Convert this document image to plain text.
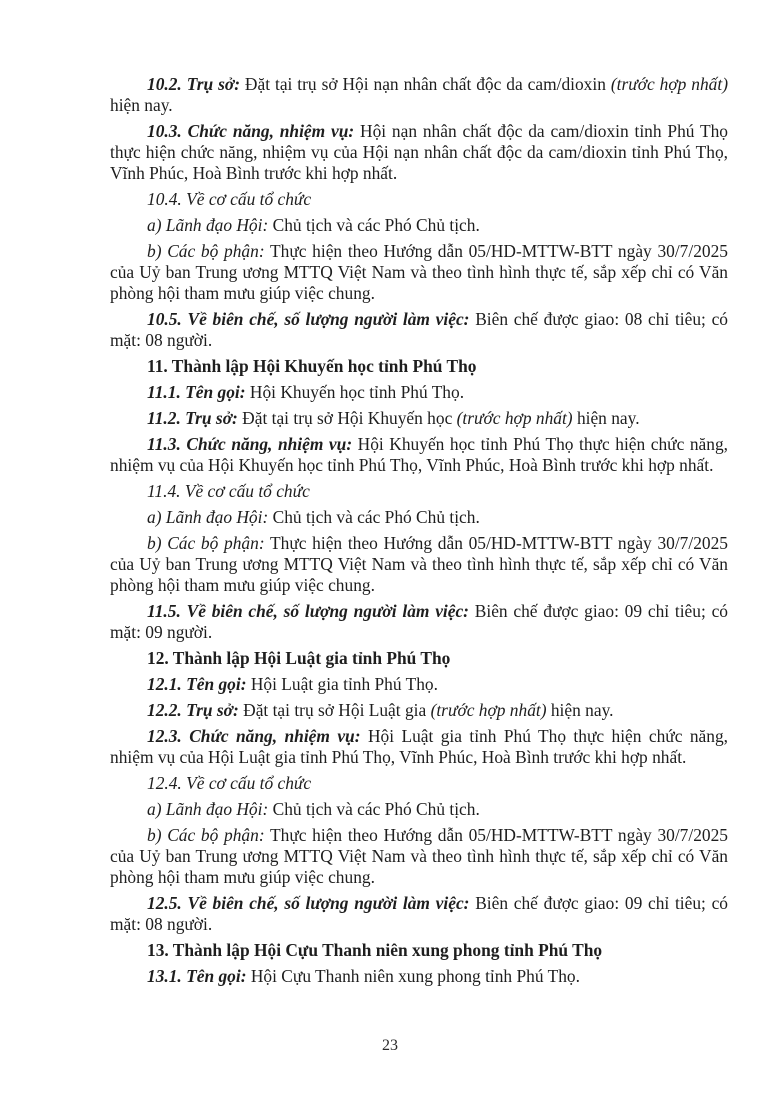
10.2. Trụ sở: Đặt tại trụ sở Hội nạn nhân chất độc da cam/dioxin (trước hợp nhất) hiện nay.

10.3. Chức năng, nhiệm vụ: Hội nạn nhân chất độc da cam/dioxin tỉnh Phú Thọ thực hiện chức năng, nhiệm vụ của Hội nạn nhân chất độc da cam/dioxin tỉnh Phú Thọ, Vĩnh Phúc, Hoà Bình trước khi hợp nhất.

10.4. Về cơ cấu tổ chức

a) Lãnh đạo Hội: Chủ tịch và các Phó Chủ tịch.

b) Các bộ phận: Thực hiện theo Hướng dẫn 05/HD-MTTW-BTT ngày 30/7/2025 của Uỷ ban Trung ương MTTQ Việt Nam và theo tình hình thực tế, sắp xếp chỉ có Văn phòng hội tham mưu giúp việc chung.

10.5. Về biên chế, số lượng người làm việc: Biên chế được giao: 08 chỉ tiêu; có mặt: 08 người.

11. Thành lập Hội Khuyến học tỉnh Phú Thọ

11.1. Tên gọi: Hội Khuyến học tỉnh Phú Thọ.

11.2. Trụ sở: Đặt tại trụ sở Hội Khuyến học (trước hợp nhất) hiện nay.

11.3. Chức năng, nhiệm vụ: Hội Khuyến học tỉnh Phú Thọ thực hiện chức năng, nhiệm vụ của Hội Khuyến học tỉnh Phú Thọ, Vĩnh Phúc, Hoà Bình trước khi hợp nhất.

11.4. Về cơ cấu tổ chức

a) Lãnh đạo Hội: Chủ tịch và các Phó Chủ tịch.

b) Các bộ phận: Thực hiện theo Hướng dẫn 05/HD-MTTW-BTT ngày 30/7/2025 của Uỷ ban Trung ương MTTQ Việt Nam và theo tình hình thực tế, sắp xếp chỉ có Văn phòng hội tham mưu giúp việc chung.

11.5. Về biên chế, số lượng người làm việc: Biên chế được giao: 09 chỉ tiêu; có mặt: 09 người.

12. Thành lập Hội Luật gia tỉnh Phú Thọ

12.1. Tên gọi: Hội Luật gia tỉnh Phú Thọ.

12.2. Trụ sở: Đặt tại trụ sở Hội Luật gia (trước hợp nhất) hiện nay.

12.3. Chức năng, nhiệm vụ: Hội Luật gia tỉnh Phú Thọ thực hiện chức năng, nhiệm vụ của Hội Luật gia tỉnh Phú Thọ, Vĩnh Phúc, Hoà Bình trước khi hợp nhất.

12.4. Về cơ cấu tổ chức

a) Lãnh đạo Hội: Chủ tịch và các Phó Chủ tịch.

b) Các bộ phận: Thực hiện theo Hướng dẫn 05/HD-MTTW-BTT ngày 30/7/2025 của Uỷ ban Trung ương MTTQ Việt Nam và theo tình hình thực tế, sắp xếp chỉ có Văn phòng hội tham mưu giúp việc chung.

12.5. Về biên chế, số lượng người làm việc: Biên chế được giao: 09 chỉ tiêu; có mặt: 08 người.

13. Thành lập Hội Cựu Thanh niên xung phong tỉnh Phú Thọ

13.1. Tên gọi: Hội Cựu Thanh niên xung phong tỉnh Phú Thọ.

23
